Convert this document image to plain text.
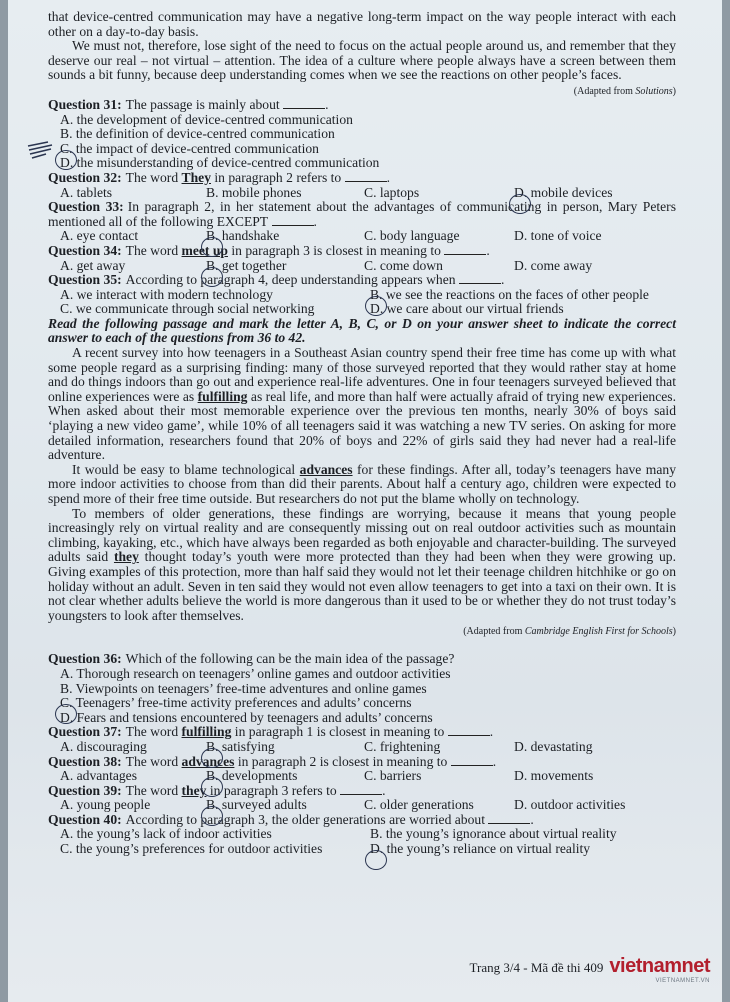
that device-centred communication may have a negative long-term impact on the way people interact with each other on a day-to-day basis.

We must not, therefore, lose sight of the need to focus on the actual people around us, and remember that they deserve our real – not virtual – attention. The idea of a culture where people always have a screen between them sounds a bit funny, because deep understanding comes when we see the reactions on other people’s faces.

(Adapted from Solutions)

Question 31: The passage is mainly about
	.
A. the development of device-centred communication
B. the definition of device-centred communication
C. the impact of device-centred communication
D. the misunderstanding of device-centred communication
Question 32: The word
They
in paragraph 2 refers to
	.
A. tablets	B. mobile phones	C. laptops	D. mobile devices

Question 33: In paragraph 2, in her statement about the advantages of communicating in person, Mary Peters mentioned all of the following EXCEPT	.

A. eye contact	B. handshake	C. body language	D. tone of voice
Question 34: The word
meet up
in paragraph 3 is closest in meaning to
	.
A. get away	B. get together	C. come down	D. come away
Question 35: According to paragraph 4, deep understanding appears when
	.
A. we interact with modern technology	B. we see the reactions on the faces of other people
C. we communicate through social networking	D. we care about our virtual friends

Read the following passage and mark the letter A, B, C, or D on your answer sheet to indicate the correct answer to each of the questions from 36 to 42.

A recent survey into how teenagers in a Southeast Asian country spend their free time has come up with what some people regard as a surprising finding: many of those surveyed reported that they would rather stay at home and do things indoors than go out and experience real-life adventures. One in four teenagers surveyed believed that online experiences were as fulfilling as real life, and more than half were actually afraid of trying new experiences. When asked about their most memorable experience over the previous ten months, nearly 30% of boys said ‘playing a new video game’, while 10% of all teenagers said it was watching a new TV series. On asking for more detailed information, researchers found that 20% of boys and 22% of girls said they had never had a real-life adventure.

It would be easy to blame technological advances for these findings. After all, today’s teenagers have many more indoor activities to choose from than did their parents. About half a century ago, children were expected to spend more of their free time outside. But researchers do not put the blame wholly on technology.

To members of older generations, these findings are worrying, because it means that young people increasingly rely on virtual reality and are consequently missing out on real outdoor activities such as mountain climbing, kayaking, etc., which have always been regarded as both enjoyable and character-building. The surveyed adults said they thought today’s youth were more protected than they had been when they were growing up. Giving examples of this protection, more than half said they would not let their teenage children hitchhike or go on holiday without an adult. Seven in ten said they would not even allow teenagers to get into a taxi on their own. It is not clear whether adults believe the world is more dangerous than it used to be or whether they do not trust today’s youngsters to look after themselves.

(Adapted from Cambridge English First for Schools)

Question 36: Which of the following can be the main idea of the passage?
A. Thorough research on teenagers’ online games and outdoor activities
B. Viewpoints on teenagers’ free-time adventures and online games
C. Teenagers’ free-time activity preferences and adults’ concerns
D. Fears and tensions encountered by teenagers and adults’ concerns
Question 37: The word
fulfilling
in paragraph 1 is closest in meaning to
	.
A. discouraging	B. satisfying	C. frightening	D. devastating
Question 38: The word
advances
in paragraph 2 is closest in meaning to
	.
A. advantages	B. developments	C. barriers	D. movements
Question 39: The word
they
in paragraph 3 refers to
	.
A. young people	B. surveyed adults	C. older generations	D. outdoor activities
Question 40: According to paragraph 3, the older generations are worried about
	.
A. the young’s lack of indoor activities	B. the young’s ignorance about virtual reality
C. the young’s preferences for outdoor activities	D. the young’s reliance on virtual reality
Trang 3/4 - Mã đề thi 409 vietnamnet
VIETNAMNET.VN
